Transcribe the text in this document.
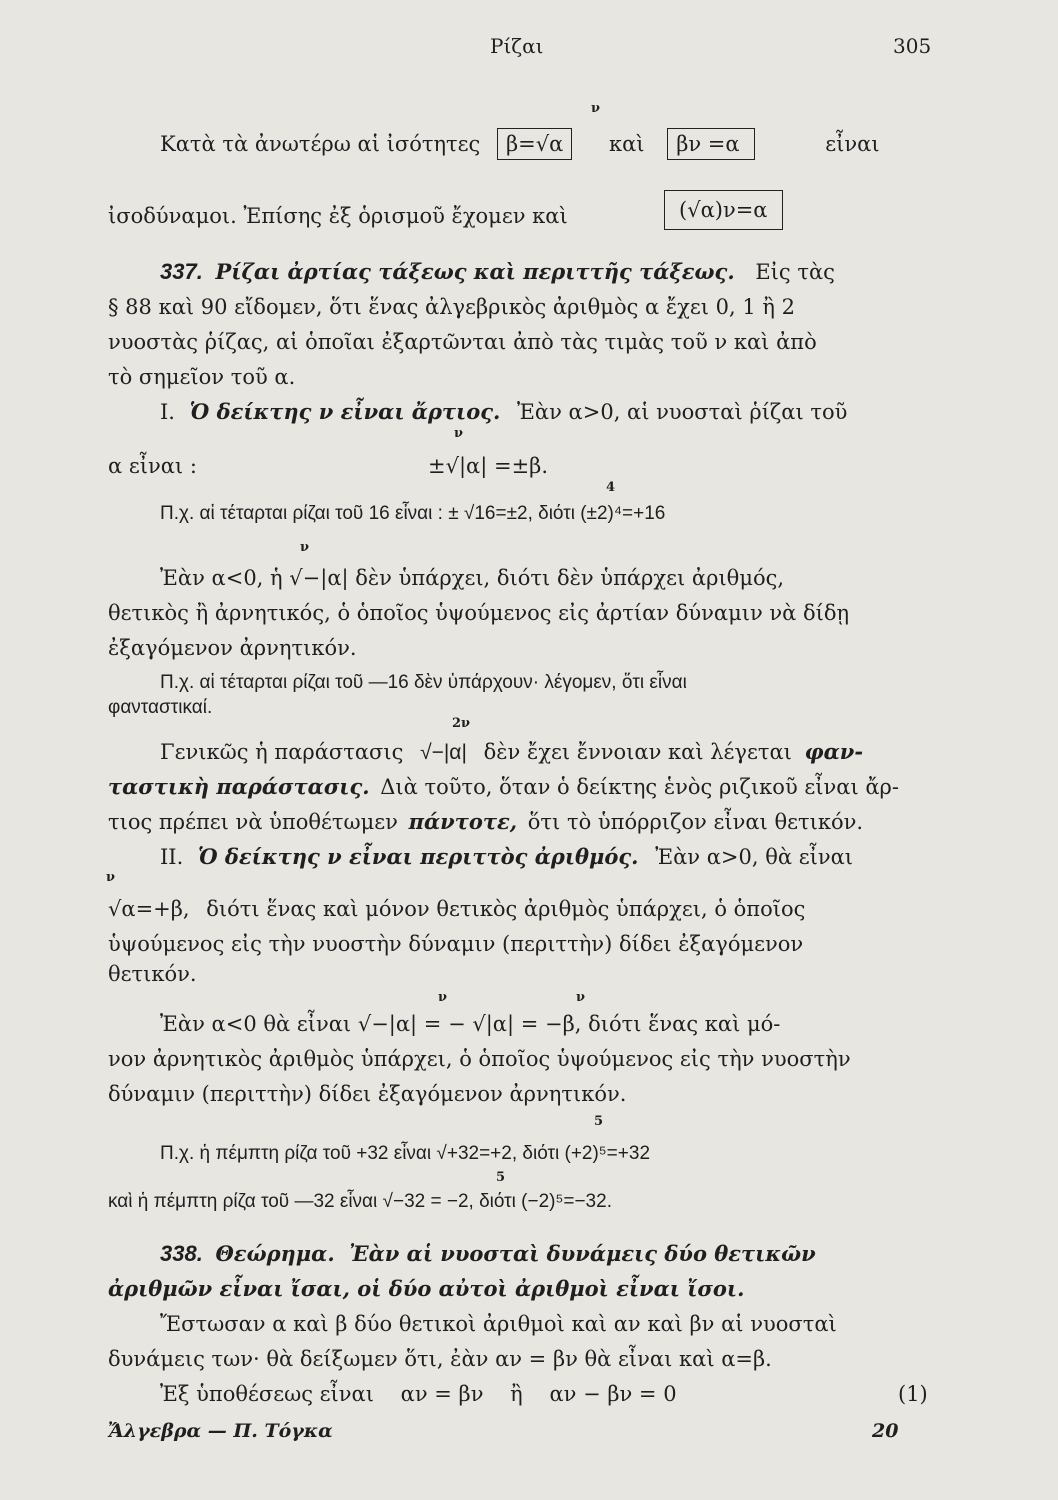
Ρίζαι	305
Κατὰ τὰ ἀνωτέρω αἱ ἰσότητες β=√α καὶ βν =α	εἶναι
ν
ἰσοδύναμοι. Ἐπίσης ἐξ ὁρισμοῦ ἔχομεν καὶ	(√α)ν=α
337. Ρίζαι ἀρτίας τάξεως καὶ περιττῆς τάξεως. Εἰς τὰς
§ 88 καὶ 90 εἴδομεν, ὅτι ἕνας ἀλγεβρικὸς ἀριθμὸς α ἔχει 0, 1 ἢ 2
νυοστὰς ῥίζας, αἱ ὁποῖαι ἐξαρτῶνται ἀπὸ τὰς τιμὰς τοῦ ν καὶ ἀπὸ
τὸ σημεῖον τοῦ α.
Ι. Ὁ δείκτης ν εἶναι ἄρτιος. Ἐὰν α>0, αἱ νυοσταὶ ῥίζαι τοῦ
ν
α εἶναι :	±√|α| =±β.
4
Π.χ. αἱ τέταρται ρίζαι τοῦ 16 εἶναι : ± √16=±2, διότι (±2)⁴=+16
ν
Ἐὰν α<0, ἡ √−|α| δὲν ὑπάρχει, διότι δὲν ὑπάρχει ἀριθμός,
θετικὸς ἢ ἀρνητικός, ὁ ὁποῖος ὑψούμενος εἰς ἀρτίαν δύναμιν νὰ δίδῃ
ἐξαγόμενον ἀρνητικόν.
Π.χ. αἱ τέταρται ρίζαι τοῦ —16 δὲν ὑπάρχουν· λέγομεν, ὅτι εἶναι
φανταστικαί.
2ν
Γενικῶς ἡ παράστασις √−|α| δὲν ἔχει ἔννοιαν καὶ λέγεται φαν-
ταστικὴ παράστασις. Διὰ τοῦτο, ὅταν ὁ δείκτης ἑνὸς ριζικοῦ εἶναι ἄρ-
τιος πρέπει νὰ ὑποθέτωμεν πάντοτε, ὅτι τὸ ὑπόρριζον εἶναι θετικόν.
ΙΙ. Ὁ δείκτης ν εἶναι περιττὸς ἀριθμός. Ἐὰν α>0, θὰ εἶναι
ν
√α=+β, διότι ἕνας καὶ μόνον θετικὸς ἀριθμὸς ὑπάρχει, ὁ ὁποῖος
ὑψούμενος εἰς τὴν νυοστὴν δύναμιν (περιττὴν) δίδει ἐξαγόμενον
θετικόν.
ν	ν
Ἐὰν α<0 θὰ εἶναι √−|α| = − √|α| = −β, διότι ἕνας καὶ μό-
νον ἀρνητικὸς ἀριθμὸς ὑπάρχει, ὁ ὁποῖος ὑψούμενος εἰς τὴν νυοστὴν
δύναμιν (περιττὴν) δίδει ἐξαγόμενον ἀρνητικόν.
5
Π.χ. ἡ πέμπτη ρίζα τοῦ +32 εἶναι √+32=+2, διότι (+2)⁵=+32
5
καὶ ἡ πέμπτη ρίζα τοῦ —32 εἶναι √−32 = −2, διότι (−2)⁵=−32.
338. Θεώρημα. Ἐὰν αἱ νυοσταὶ δυνάμεις δύο θετικῶν
ἀριθμῶν εἶναι ἴσαι, οἱ δύο αὐτοὶ ἀριθμοὶ εἶναι ἴσοι.
Ἔστωσαν α καὶ β δύο θετικοὶ ἀριθμοὶ καὶ αν καὶ βν αἱ νυοσταὶ
δυνάμεις των· θὰ δείξωμεν ὅτι, ἐὰν αν = βν θὰ εἶναι καὶ α=β.
Ἐξ ὑποθέσεως εἶναι    αν = βν    ἢ    αν − βν = 0	(1)
Ἄλγεβρα — Π. Τόγκα	20
